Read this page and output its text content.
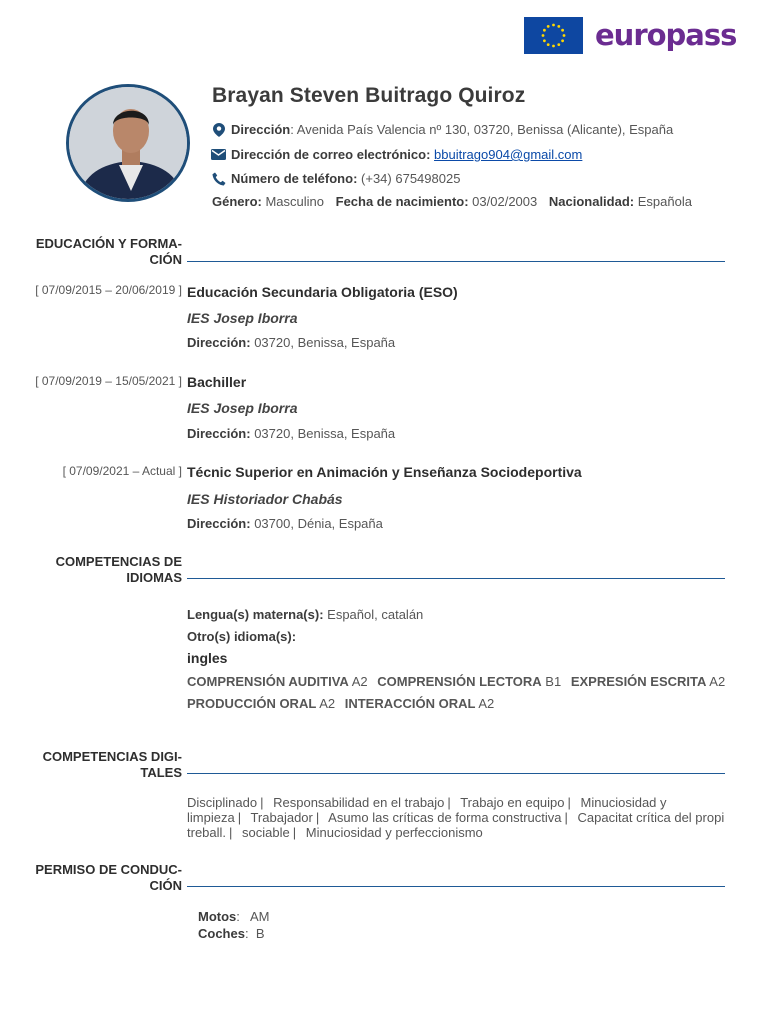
europass
Brayan Steven Buitrago Quiroz
Dirección : Avenida País Valencia nº 130, 03720, Benissa (Alicante), España
Dirección de correo electrónico:
bbuitrago904@gmail.com
Número de teléfono:
(+34) 675498025
Género: Masculino Fecha de nacimiento: 03/02/2003 Nacionalidad: Española
EDUCACIÓN Y FORMA-
CIÓN
[ 07/09/2015 – 20/06/2019 ] Educación Secundaria Obligatoria (ESO)
IES Josep Iborra
Dirección: 03720, Benissa, España
[ 07/09/2019 – 15/05/2021 ] Bachiller
IES Josep Iborra
Dirección: 03720, Benissa, España
[ 07/09/2021 – Actual ] Técnic Superior en Animación y Enseñanza Sociodeportiva
IES Historiador Chabás
Dirección: 03700, Dénia, España
COMPETENCIAS DE
IDIOMAS
Lengua(s) materna(s): Español, catalán
Otro(s) idioma(s):
ingles
COMPRENSIÓN AUDITIVA A2 COMPRENSIÓN LECTORA B1 EXPRESIÓN ESCRITA A2
PRODUCCIÓN ORAL A2 INTERACCIÓN ORAL A2
COMPETENCIAS DIGI-
TALES
Disciplinado | Responsabilidad en el trabajo | Trabajo en equipo | Minuciosidad y limpieza | Trabajador | Asumo las críticas de forma constructiva | Capacitat crítica del propi treball. | sociable | Minuciosidad y perfeccionismo
PERMISO DE CONDUC-
CIÓN
Motos:   AM
Coches:  B
